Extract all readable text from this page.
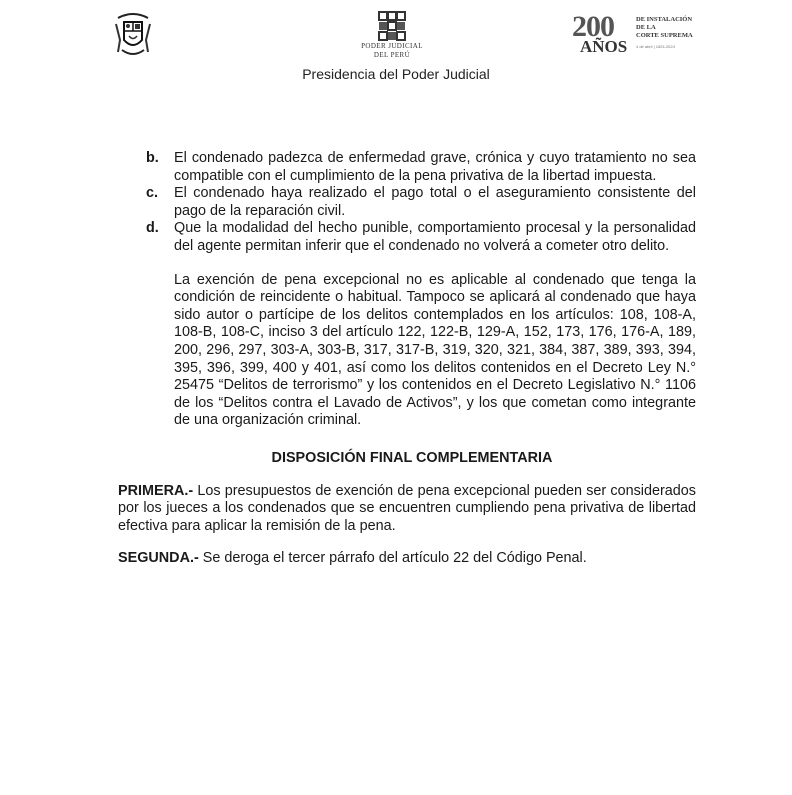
PODER JUDICIAL
DEL PERÚ
200
AÑOS
DE INSTALACIÓN
DE LA
CORTE SUPREMA
4 de abril | 1824-2024
Presidencia del Poder Judicial
b.	El condenado padezca de enfermedad grave, crónica y cuyo tratamiento no sea compatible con el cumplimiento de la pena privativa de la libertad impuesta.
c.	El condenado haya realizado el pago total o el aseguramiento consistente del pago de la reparación civil.
d.	Que la modalidad del hecho punible, comportamiento procesal y la personalidad del agente permitan inferir que el condenado no volverá a cometer otro delito.

La exención de pena excepcional no es aplicable al condenado que tenga la condición de reincidente o habitual. Tampoco se aplicará al condenado que haya sido autor o partícipe de los delitos contemplados en los artículos: 108, 108-A, 108-B, 108-C, inciso 3 del artículo 122, 122-B, 129-A, 152, 173, 176, 176-A, 189, 200, 296, 297, 303-A, 303-B, 317, 317-B, 319, 320, 321, 384, 387, 389, 393, 394, 395, 396, 399, 400 y 401, así como los delitos contenidos en el Decreto Ley N.° 25475 “Delitos de terrorismo” y los contenidos en el Decreto Legislativo N.° 1106 de los “Delitos contra el Lavado de Activos”, y los que cometan como integrante de una organización criminal.

DISPOSICIÓN FINAL COMPLEMENTARIA

PRIMERA.- Los presupuestos de exención de pena excepcional pueden ser considerados por los jueces a los condenados que se encuentren cumpliendo pena privativa de libertad efectiva para aplicar la remisión de la pena.

SEGUNDA.- Se deroga el tercer párrafo del artículo 22 del Código Penal.
